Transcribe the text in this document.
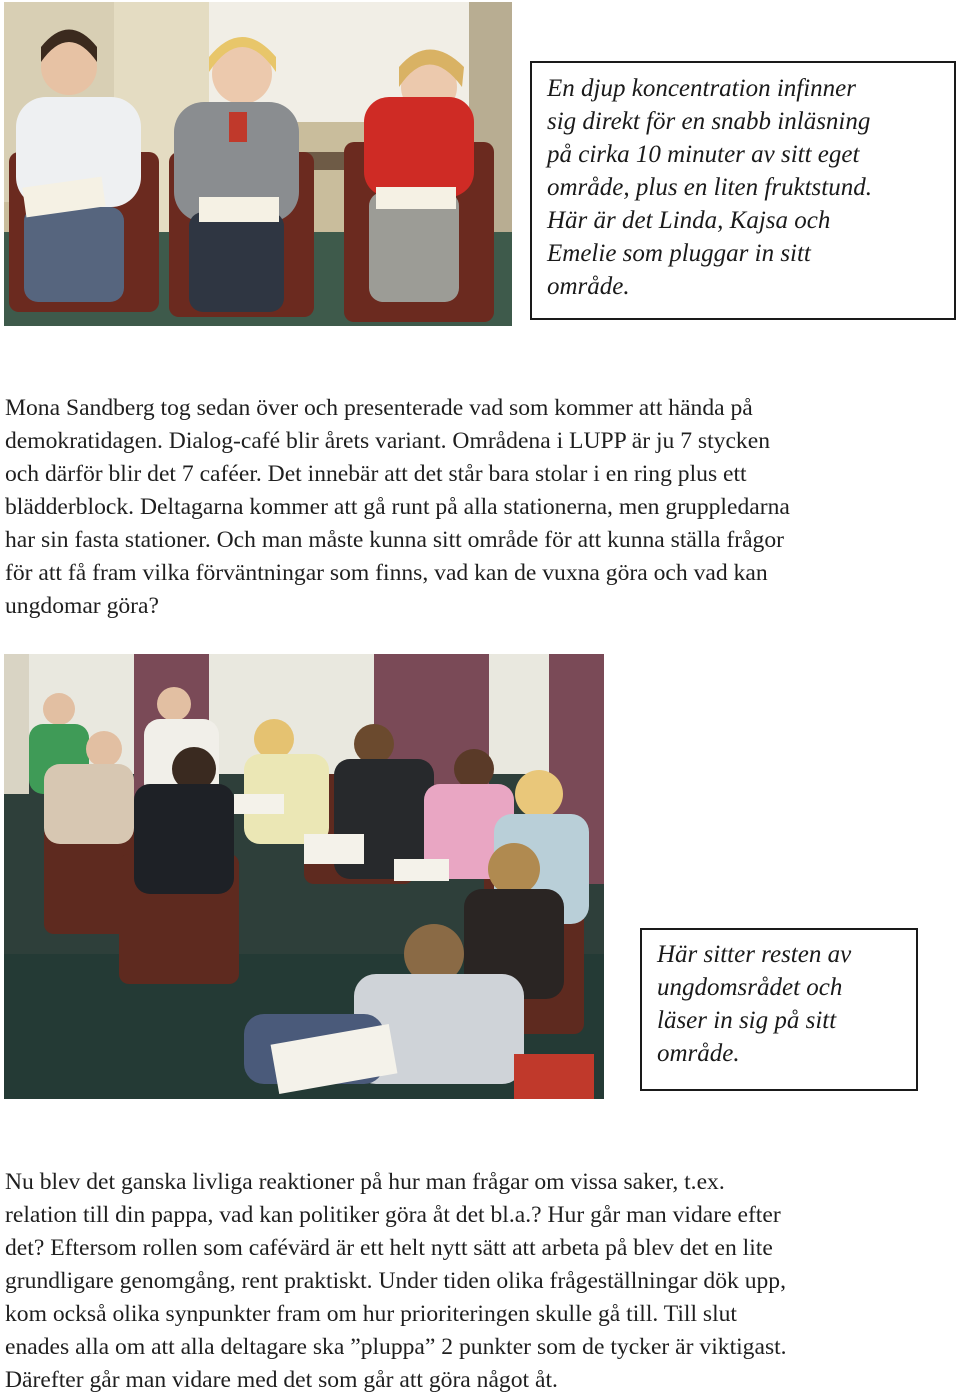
En djup koncentration infinner
sig direkt för en snabb inläsning
på cirka 10 minuter av sitt eget
område, plus en liten fruktstund.
Här är det Linda, Kajsa och
Emelie som pluggar in sitt
område.
Mona Sandberg tog sedan över och presenterade vad som kommer att hända på
demokratidagen. Dialog-café blir årets variant. Områdena i LUPP är ju 7 stycken
och därför blir det 7 caféer. Det innebär att det står bara stolar i en ring plus ett
blädderblock. Deltagarna kommer att gå runt på alla stationerna, men gruppledarna
har sin fasta stationer. Och man måste kunna sitt område för att kunna ställa frågor
för att få fram vilka förväntningar som finns, vad kan de vuxna göra och vad kan
ungdomar göra?
Här sitter resten av
ungdomsrådet och
läser in sig på sitt
område.
Nu blev det ganska livliga reaktioner på hur man frågar om vissa saker, t.ex.
relation till din pappa, vad kan politiker göra åt det bl.a.? Hur går man vidare efter
det? Eftersom rollen som cafévärd är ett helt nytt sätt att arbeta på blev det en lite
grundligare genomgång, rent praktiskt. Under tiden olika frågeställningar dök upp,
kom också olika synpunkter fram om hur prioriteringen skulle gå till. Till slut
enades alla om att alla deltagare ska ”pluppa” 2 punkter som de tycker är viktigast.
Därefter går man vidare med det som går att göra något åt.
